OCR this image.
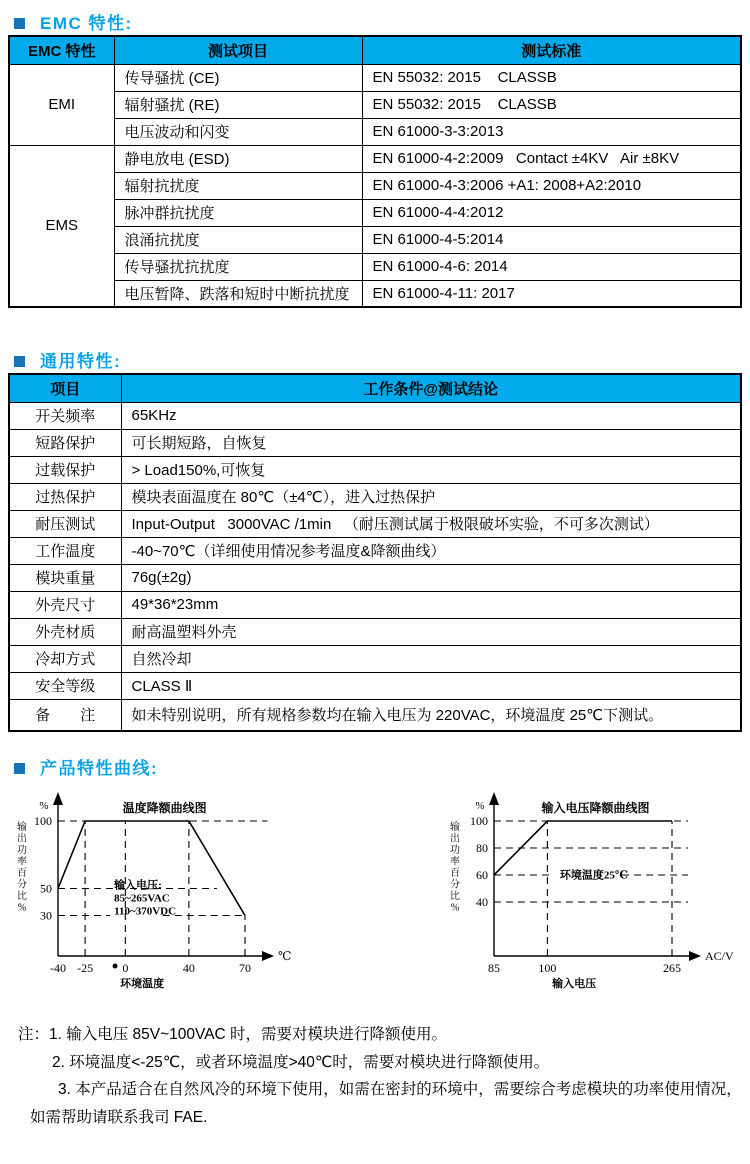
EMC 特性:
EMC 特性	测试项目	测试标准
EMI	传导骚扰 (CE)	EN 55032: 2015    CLASSB
	辐射骚扰 (RE)	EN 55032: 2015    CLASSB
	电压波动和闪变	EN 61000-3-3:2013
EMS	静电放电 (ESD)	EN 61000-4-2:2009   Contact ±4KV   Air ±8KV
	辐射抗扰度	EN 61000-4-3:2006 +A1: 2008+A2:2010
	脉冲群抗扰度	EN 61000-4-4:2012
	浪涌抗扰度	EN 61000-4-5:2014
	传导骚扰抗扰度	EN 61000-4-6: 2014
	电压暂降、跌落和短时中断抗扰度	EN 61000-4-11: 2017
通用特性:
项目	工作条件@测试结论
开关频率	65KHz
短路保护	可长期短路，自恢复
过载保护	> Load150%,可恢复
过热保护	模块表面温度在 80℃（±4℃），进入过热保护
耐压测试	Input-Output   3000VAC /1min   （耐压测试属于极限破坏实验，不可多次测试）
工作温度	-40~70℃（详细使用情况参考温度&降额曲线）
模块重量	76g(±2g)
外壳尺寸	49*36*23mm
外壳材质	耐高温塑料外壳
冷却方式	自然冷却
安全等级	CLASS Ⅱ
备　　注	如未特别说明，所有规格参数均在输入电压为 220VAC，环境温度 25℃下测试。
产品特性曲线:
温度降额曲线图
%
100
50
30
-40 -25 0	40	70
℃
环境温度
输
出
功
率
百
分
比
%
输入电压:
85~265VAC
110~370VDC
输入电压降额曲线图
%
100
80
60
40
85	100	265
AC/V
输入电压
输
出
功
率
百
分
比
%
环境温度25℃
注：1. 输入电压 85V~100VAC 时，需要对模块进行降额使用。
2. 环境温度<-25℃，或者环境温度>40℃时，需要对模块进行降额使用。
3. 本产品适合在自然风冷的环境下使用，如需在密封的环境中，需要综合考虑模块的功率使用情况，
如需帮助请联系我司 FAE.
